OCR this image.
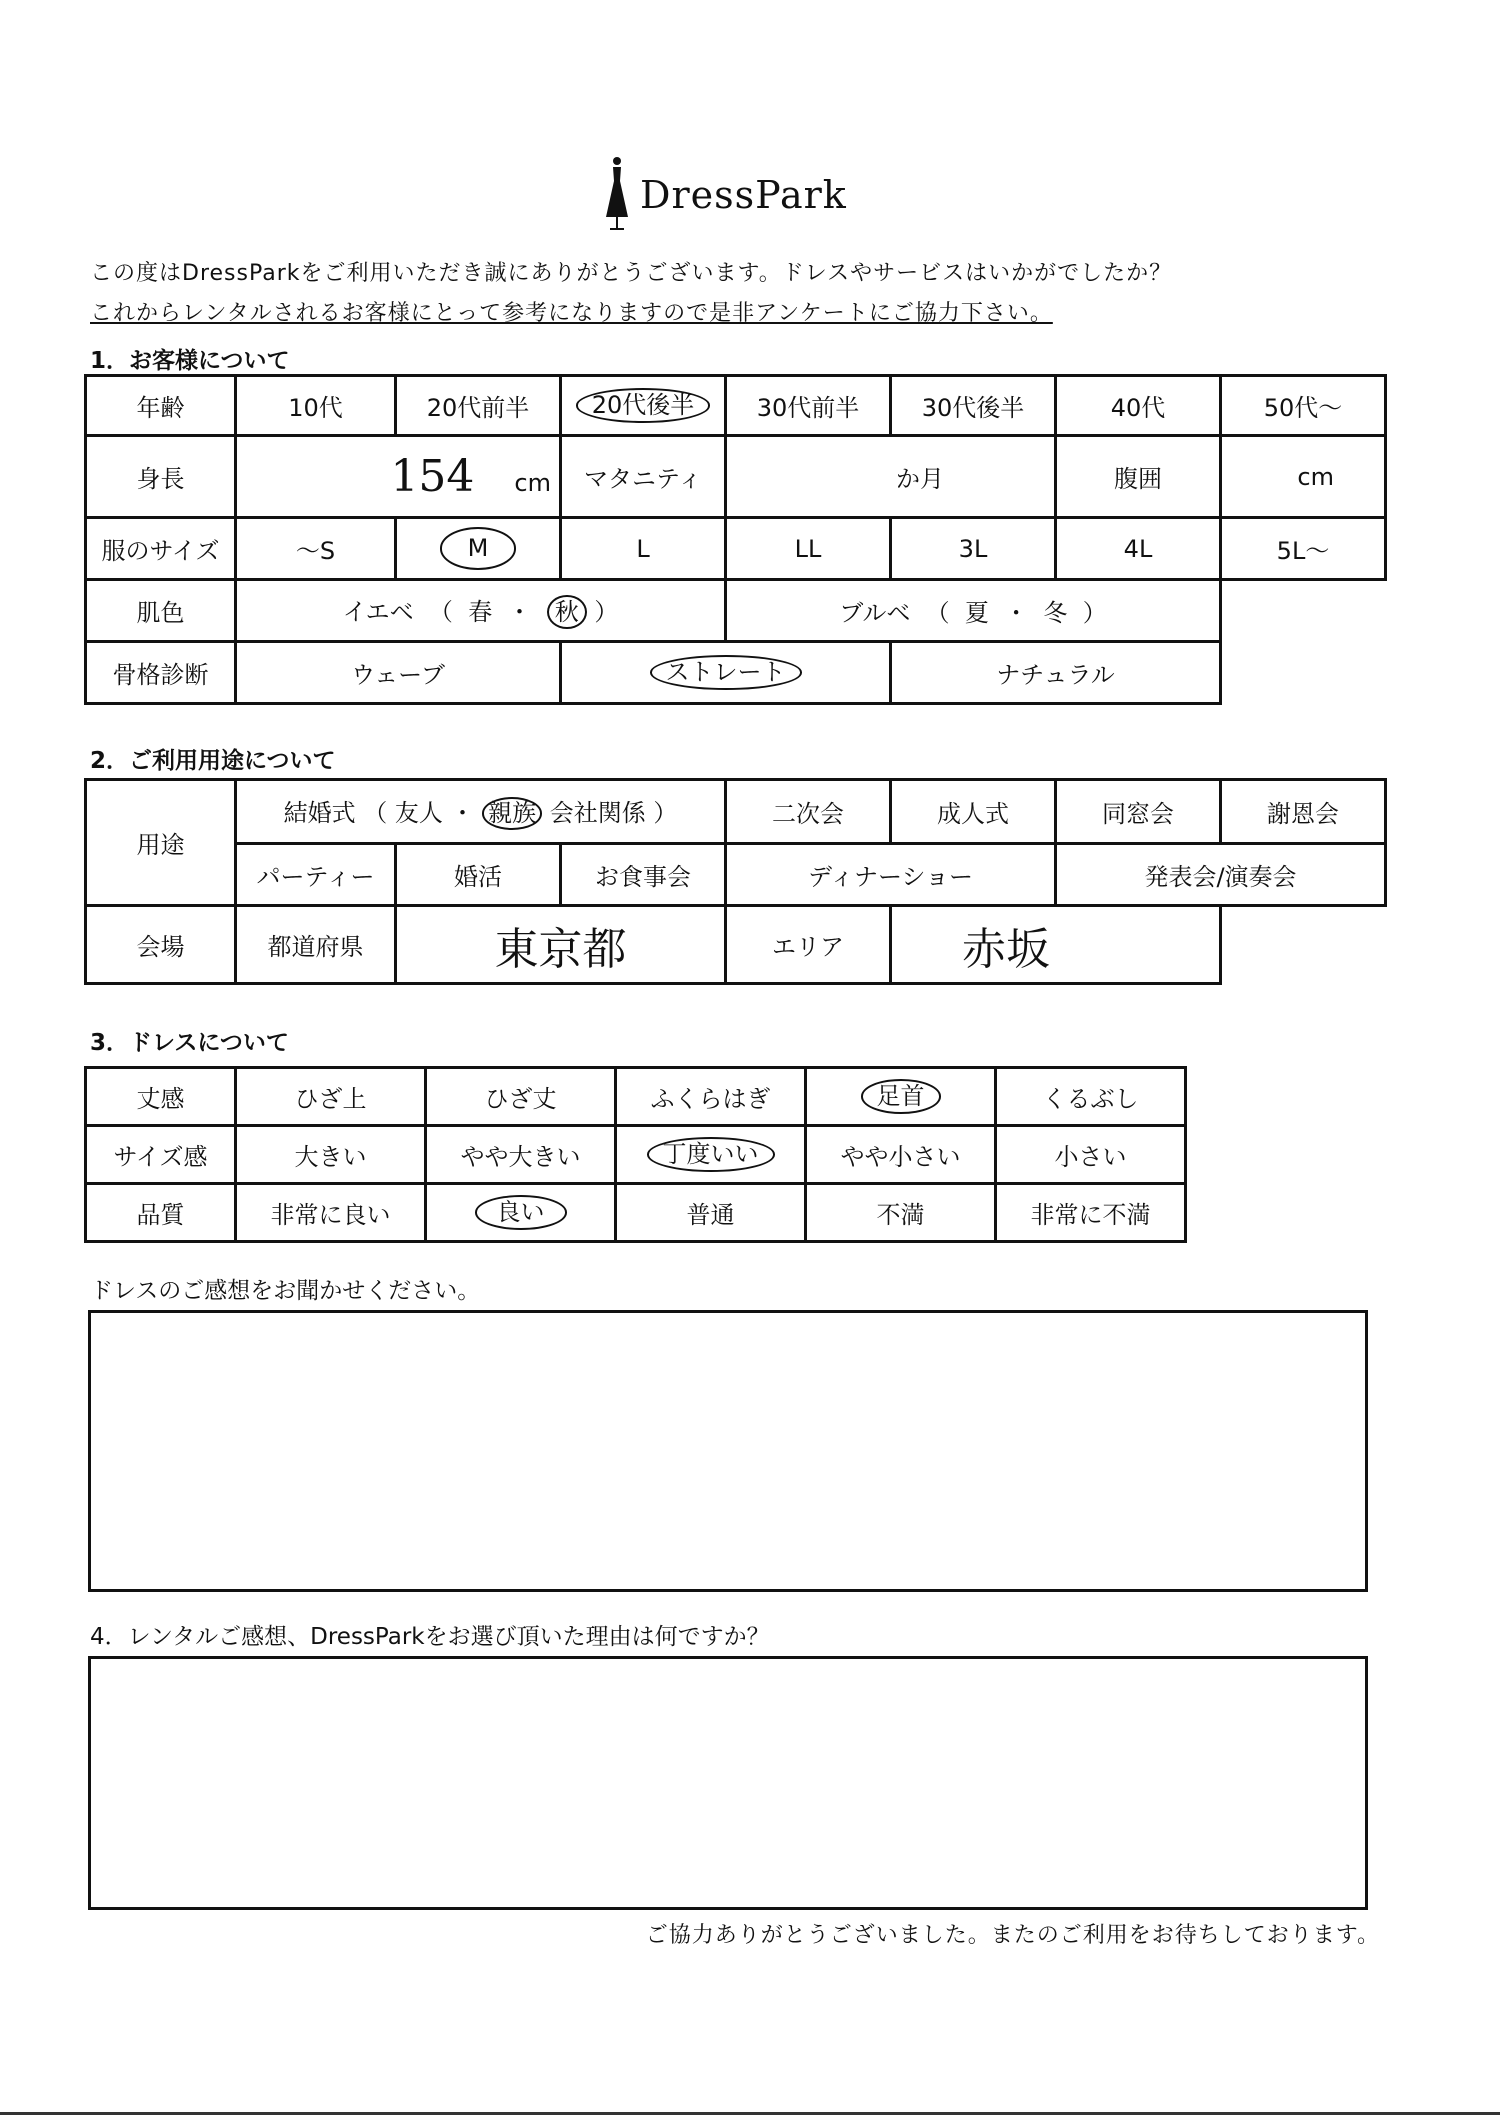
DressPark
この度はDressParkをご利用いただき誠にありがとうございます。ドレスやサービスはいかがでしたか？
これからレンタルされるお客様にとって参考になりますので是非アンケートにご協力下さい。
1．お客様について
年齢	10代	20代前半	20代後半	30代前半	30代後半	40代	50代～
身長	154 cm		マタニティ	か月		腹囲	cm
服のサイズ	～S	M	L	LL	3L	4L	5L～
肌色	イエベ  （  春  ・  秋 ）			ブルベ  （  夏  ・  冬  ）			
骨格診断	ウェーブ		ストレート		ナチュラル		
2．ご利用用途について
用途	結婚式 （ 友人 ・ 親族 会社関係 ）			二次会	成人式	同窓会	謝恩会
	パーティー	婚活	お食事会	ディナーショー		発表会/演奏会	
会場	都道府県	東京都		エリア	赤坂		
3．ドレスについて
丈感	ひざ上	ひざ丈	ふくらはぎ	足首	くるぶし
サイズ感	大きい	やや大きい	丁度いい	やや小さい	小さい
品質	非常に良い	良い	普通	不満	非常に不満
ドレスのご感想をお聞かせください。
4．レンタルご感想、DressParkをお選び頂いた理由は何ですか？
ご協力ありがとうございました。またのご利用をお待ちしております。
